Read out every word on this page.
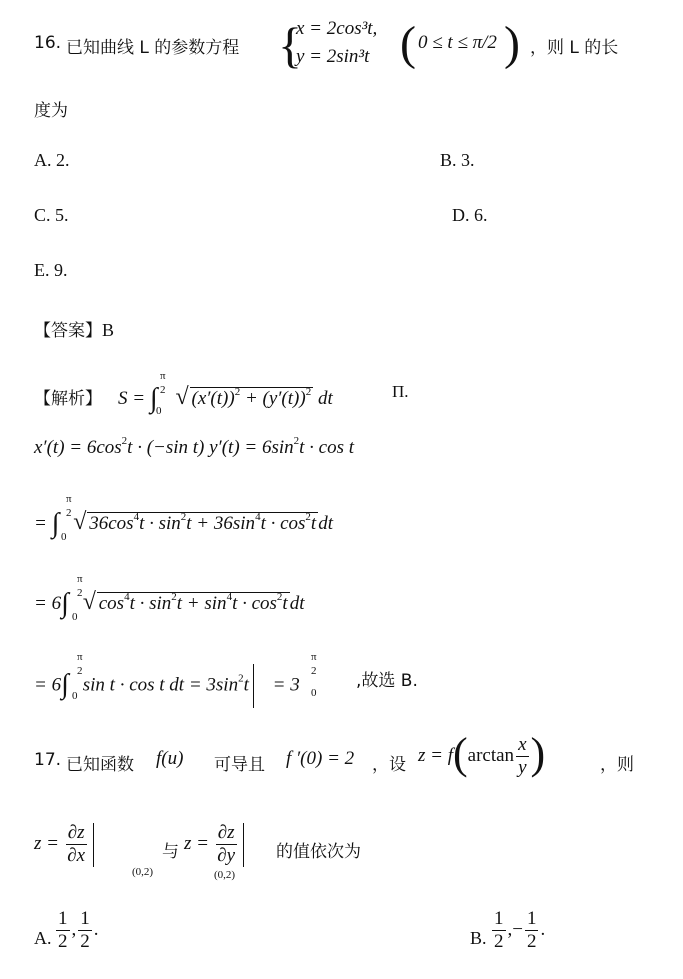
16. 已知曲线 L 的参数方程 {
x = 2cos³t,
y = 2sin³t ( 0 ≤ t ≤ π/2 ) ，则 L 的长
度为
A. 2.	B. 3.
C. 5.	D. 6.
E. 9.
【答案】B
【解析】 S = ∫ √ $(x'(t))^2 + (y'(t))^2$ dt
π
2
0
П.
$x'(t) = 6\cos^2t \cdot (-\sin$ t) $y'(t) = 6\sin^2t \cdot \cos t$
= ∫ √ $36\cos^4t \cdot \sin^2t + 36\sin^4t \cdot \cos^2t$ dt
π
2
0
= 6∫ √ $\cos^4t \cdot \sin^2t + \sin^4t \cdot \cos^2t$ dt
π
2
0
= 6∫ sin t · cos t dt = $3\sin^2t = 3$
π
2
0
π
2
0
,故选 B.
17. 已知函数 f(u) 可导且 f ′(0) = 2 ，设 $z = f(\arctan \frac{x}{y}$ )	，则
$z = \frac{\partial z}{\partial x}$
(0,2)
与 $z = \frac{\partial z}{\partial y}$
(0,2)
的值依次为
A. $\frac{1}{2}$ , $\frac{1}{2}$ .	B. $\frac{1}{2}$ ,− $\frac{1}{2}$ .
